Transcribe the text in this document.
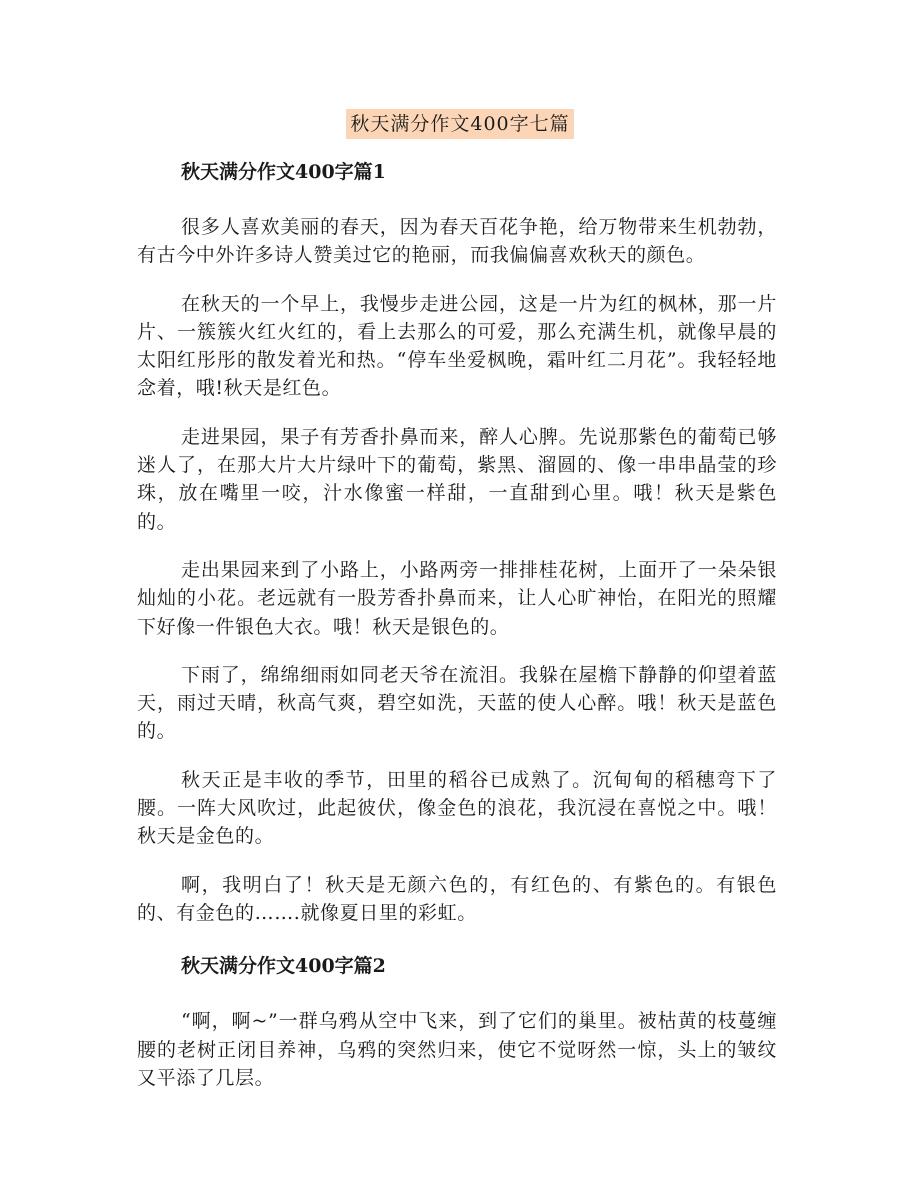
秋天满分作文400字七篇
秋天满分作文400字篇1

很多人喜欢美丽的春天，因为春天百花争艳，给万物带来生机勃勃，有古今中外许多诗人赞美过它的艳丽，而我偏偏喜欢秋天的颜色。

在秋天的一个早上，我慢步走进公园，这是一片为红的枫林，那一片片、一簇簇火红火红的，看上去那么的可爱，那么充满生机，就像早晨的太阳红彤彤的散发着光和热。“停车坐爱枫晚，霜叶红二月花”。我轻轻地念着，哦!秋天是红色。

走进果园，果子有芳香扑鼻而来，醉人心脾。先说那紫色的葡萄已够迷人了，在那大片大片绿叶下的葡萄，紫黑、溜圆的、像一串串晶莹的珍珠，放在嘴里一咬，汁水像蜜一样甜，一直甜到心里。哦！秋天是紫色的。

走出果园来到了小路上，小路两旁一排排桂花树，上面开了一朵朵银灿灿的小花。老远就有一股芳香扑鼻而来，让人心旷神怡，在阳光的照耀下好像一件银色大衣。哦！秋天是银色的。

下雨了，绵绵细雨如同老天爷在流泪。我躲在屋檐下静静的仰望着蓝天，雨过天晴，秋高气爽，碧空如洗，天蓝的使人心醉。哦！秋天是蓝色的。

秋天正是丰收的季节，田里的稻谷已成熟了。沉甸甸的稻穗弯下了腰。一阵大风吹过，此起彼伏，像金色的浪花，我沉浸在喜悦之中。哦！秋天是金色的。

啊，我明白了！秋天是无颜六色的，有红色的、有紫色的。有银色的、有金色的…….就像夏日里的彩虹。

秋天满分作文400字篇2

“啊，啊~”一群乌鸦从空中飞来，到了它们的巢里。被枯黄的枝蔓缠腰的老树正闭目养神，乌鸦的突然归来，使它不觉呀然一惊，头上的皱纹又平添了几层。
